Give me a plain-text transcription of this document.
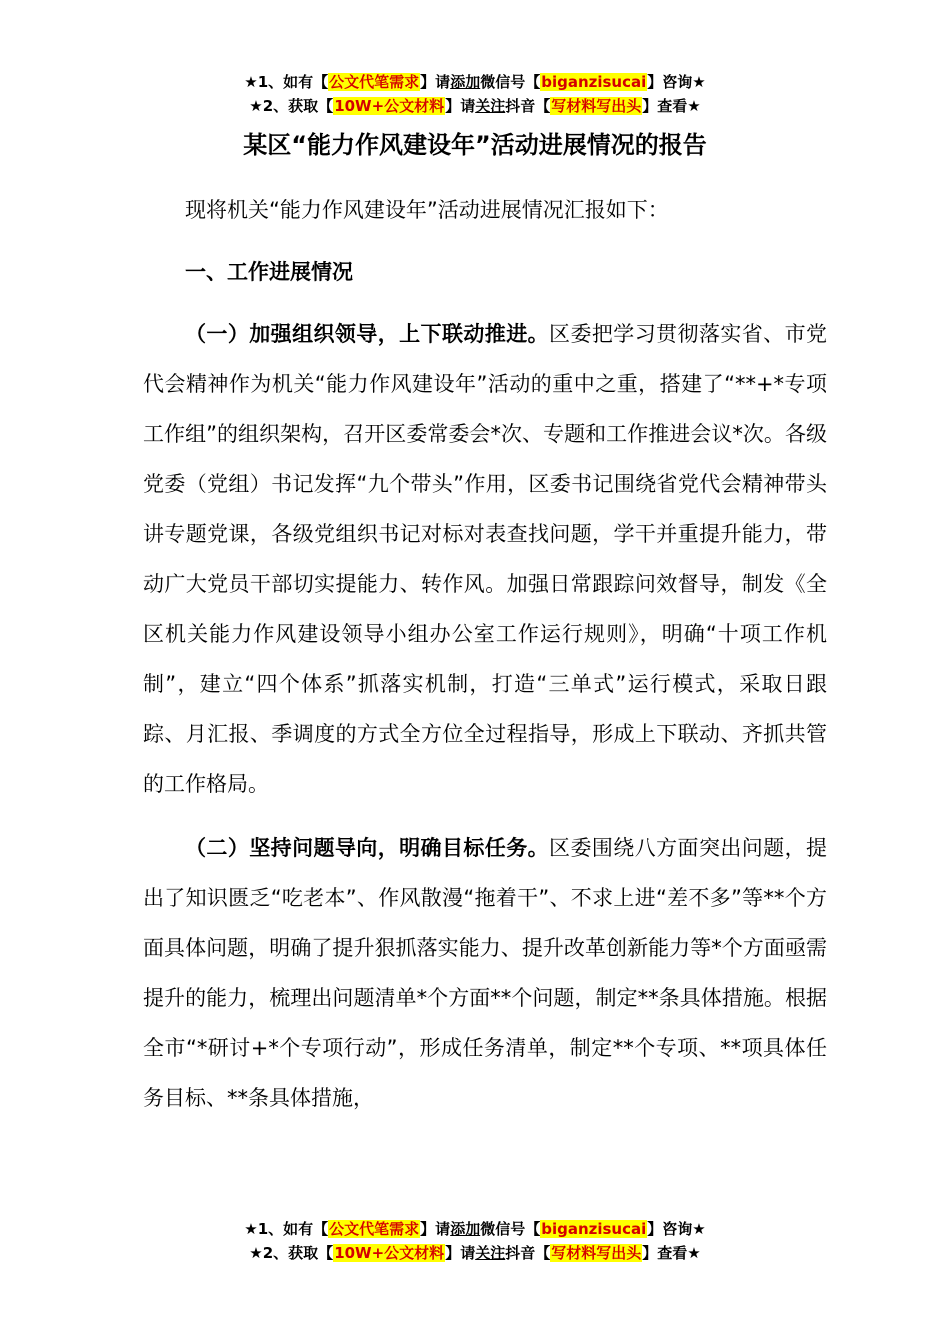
★1、如有【公文代笔需求】请添加微信号【biganzisucai】咨询★
★2、获取【10W+公文材料】请关注抖音【写材料写出头】查看★
某区“能力作风建设年”活动进展情况的报告

现将机关“能力作风建设年”活动进展情况汇报如下：

一、工作进展情况

（一）加强组织领导，上下联动推进。区委把学习贯彻落实省、市党代会精神作为机关“能力作风建设年”活动的重中之重，搭建了“**+*专项工作组”的组织架构，召开区委常委会*次、专题和工作推进会议*次。各级党委（党组）书记发挥“九个带头”作用，区委书记围绕省党代会精神带头讲专题党课，各级党组织书记对标对表查找问题，学干并重提升能力，带动广大党员干部切实提能力、转作风。加强日常跟踪问效督导，制发《全区机关能力作风建设领导小组办公室工作运行规则》，明确“十项工作机制”，建立“四个体系”抓落实机制，打造“三单式”运行模式，采取日跟踪、月汇报、季调度的方式全方位全过程指导，形成上下联动、齐抓共管的工作格局。

（二）坚持问题导向，明确目标任务。区委围绕八方面突出问题，提出了知识匮乏“吃老本”、作风散漫“拖着干”、不求上进“差不多”等**个方面具体问题，明确了提升狠抓落实能力、提升改革创新能力等*个方面亟需提升的能力，梳理出问题清单*个方面**个问题，制定**条具体措施。根据全市“*研讨+*个专项行动”，形成任务清单，制定**个专项、**项具体任务目标、**条具体措施，

★1、如有【公文代笔需求】请添加微信号【biganzisucai】咨询★
★2、获取【10W+公文材料】请关注抖音【写材料写出头】查看★
